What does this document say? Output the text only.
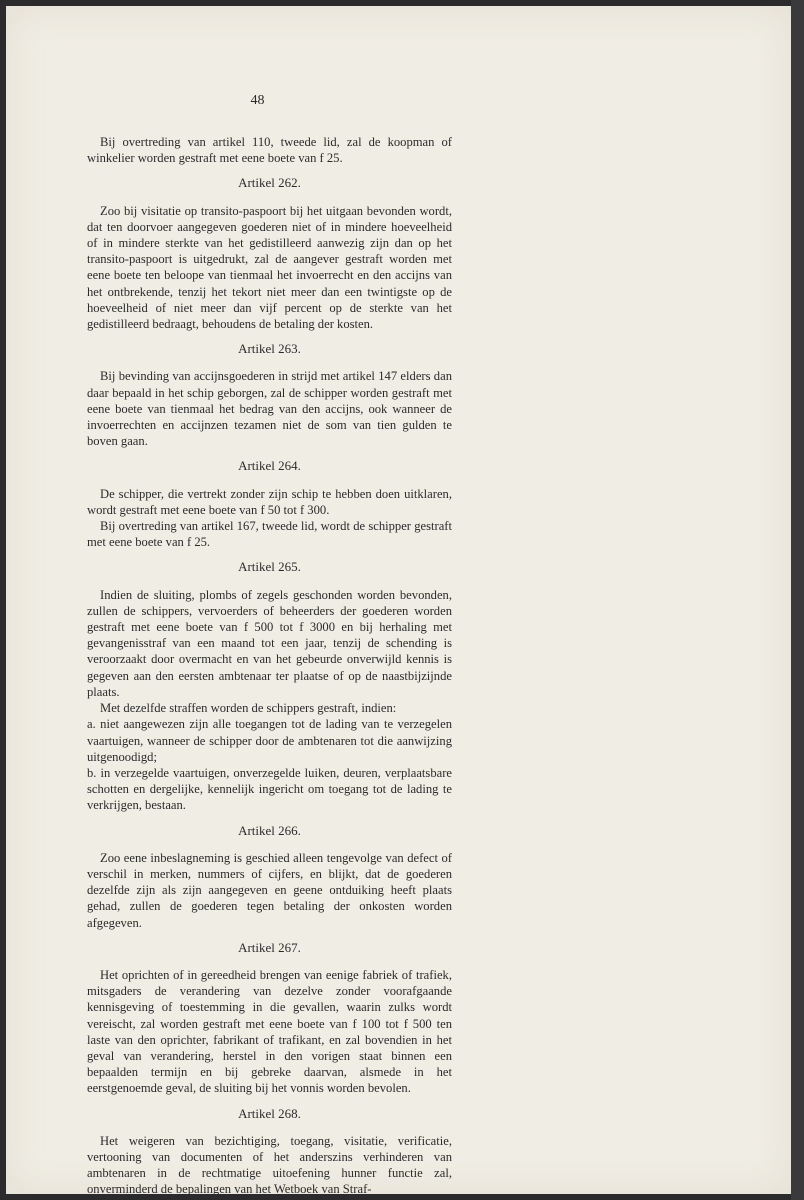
48

Bij overtreding van artikel 110, tweede lid, zal de koopman of winkelier worden gestraft met eene boete van f 25.

Artikel 262.

Zoo bij visitatie op transito-paspoort bij het uitgaan bevonden wordt, dat ten doorvoer aangegeven goederen niet of in mindere hoeveelheid of in mindere sterkte van het gedistilleerd aanwezig zijn dan op het transito-paspoort is uitgedrukt, zal de aangever gestraft worden met eene boete ten beloope van tienmaal het invoerrecht en den accijns van het ontbrekende, tenzij het tekort niet meer dan een twintigste op de hoeveelheid of niet meer dan vijf percent op de sterkte van het gedistilleerd bedraagt, behoudens de betaling der kosten.

Artikel 263.

Bij bevinding van accijnsgoederen in strijd met artikel 147 elders dan daar bepaald in het schip geborgen, zal de schipper worden gestraft met eene boete van tienmaal het bedrag van den accijns, ook wanneer de invoerrechten en accijnzen tezamen niet de som van tien gulden te boven gaan.

Artikel 264.

De schipper, die vertrekt zonder zijn schip te hebben doen uitklaren, wordt gestraft met eene boete van f 50 tot f 300.

Bij overtreding van artikel 167, tweede lid, wordt de schipper gestraft met eene boete van f 25.

Artikel 265.

Indien de sluiting, plombs of zegels geschonden worden bevonden, zullen de schippers, vervoerders of beheerders der goederen worden gestraft met eene boete van f 500 tot f 3000 en bij herhaling met gevangenisstraf van een maand tot een jaar, tenzij de schending is veroorzaakt door overmacht en van het gebeurde onverwijld kennis is gegeven aan den eersten ambtenaar ter plaatse of op de naastbijzijnde plaats.

Met dezelfde straffen worden de schippers gestraft, indien:

a. niet aangewezen zijn alle toegangen tot de lading van te verzegelen vaartuigen, wanneer de schipper door de ambtenaren tot die aanwijzing uitgenoodigd;

b. in verzegelde vaartuigen, onverzegelde luiken, deuren, verplaatsbare schotten en dergelijke, kennelijk ingericht om toegang tot de lading te verkrijgen, bestaan.

Artikel 266.

Zoo eene inbeslagneming is geschied alleen tengevolge van defect of verschil in merken, nummers of cijfers, en blijkt, dat de goederen dezelfde zijn als zijn aangegeven en geene ontduiking heeft plaats gehad, zullen de goederen tegen betaling der onkosten worden afgegeven.

Artikel 267.

Het oprichten of in gereedheid brengen van eenige fabriek of trafiek, mitsgaders de verandering van dezelve zonder voorafgaande kennisgeving of toestemming in die gevallen, waarin zulks wordt vereischt, zal worden gestraft met eene boete van f 100 tot f 500 ten laste van den oprichter, fabrikant of trafikant, en zal bovendien in het geval van verandering, herstel in den vorigen staat binnen een bepaalden termijn en bij gebreke daarvan, alsmede in het eerstgenoemde geval, de sluiting bij het vonnis worden bevolen.

Artikel 268.

Het weigeren van bezichtiging, toegang, visitatie, verificatie, vertooning van documenten of het anderszins verhinderen van ambtenaren in de rechtmatige uitoefening hunner functie zal, onverminderd de bepalingen van het Wetboek van Straf-
